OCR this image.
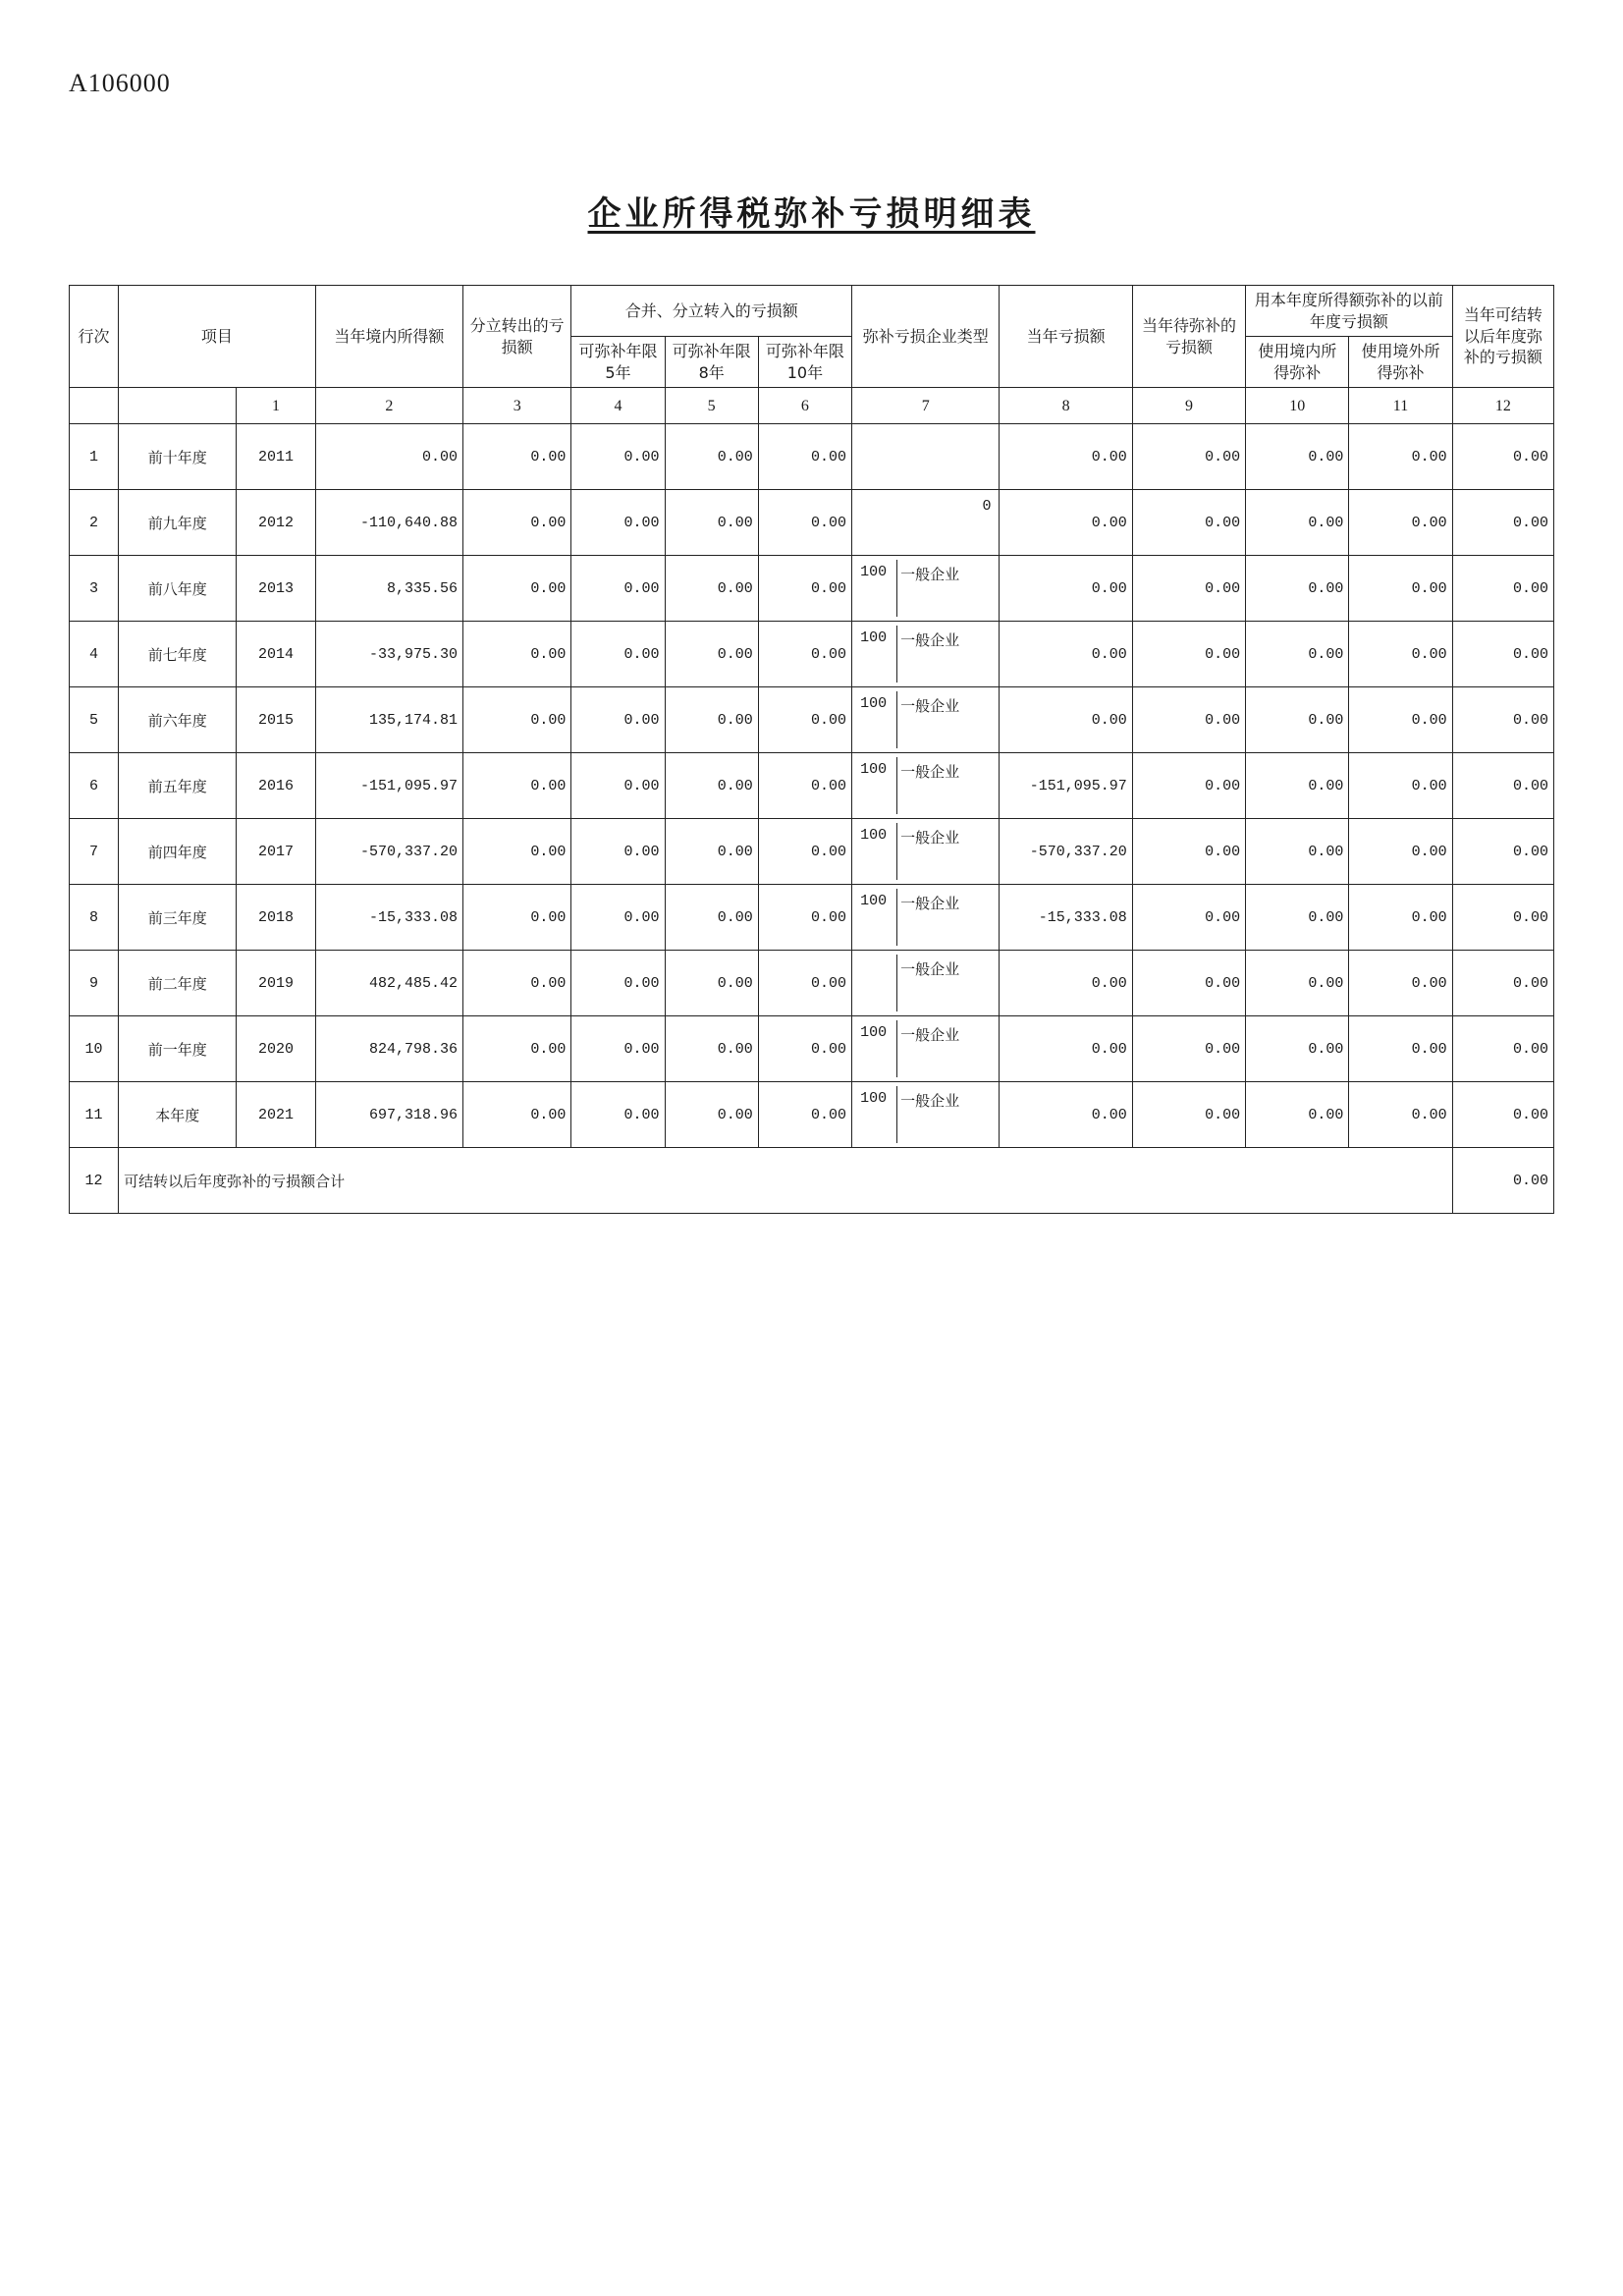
A106000
企业所得税弥补亏损明细表
行次	项目		当年境内所得额	分立转出的亏损额	合并、分立转入的亏损额			弥补亏损企业类型	当年亏损额	当年待弥补的亏损额	用本年度所得额弥补的以前年度亏损额		当年可结转以后年度弥补的亏损额
					可弥补年限5年	可弥补年限8年	可弥补年限10年				使用境内所得弥补	使用境外所得弥补	

		1	2	3	4	5	6	7	8	9	10	11	12
1	前十年度	2011	0.00	0.00	0.00	0.00	0.00		0.00	0.00	0.00	0.00	0.00
2	前九年度	2012	-110,640.88	0.00	0.00	0.00	0.00	0	0.00	0.00	0.00	0.00	0.00
3	前八年度	2013	8,335.56	0.00	0.00	0.00	0.00	100 一般企业	0.00	0.00	0.00	0.00	0.00
4	前七年度	2014	-33,975.30	0.00	0.00	0.00	0.00	100 一般企业	0.00	0.00	0.00	0.00	0.00
5	前六年度	2015	135,174.81	0.00	0.00	0.00	0.00	100 一般企业	0.00	0.00	0.00	0.00	0.00
6	前五年度	2016	-151,095.97	0.00	0.00	0.00	0.00	100 一般企业	-151,095.97	0.00	0.00	0.00	0.00
7	前四年度	2017	-570,337.20	0.00	0.00	0.00	0.00	100 一般企业	-570,337.20	0.00	0.00	0.00	0.00
8	前三年度	2018	-15,333.08	0.00	0.00	0.00	0.00	100 一般企业	-15,333.08	0.00	0.00	0.00	0.00
9	前二年度	2019	482,485.42	0.00	0.00	0.00	0.00	一般企业	0.00	0.00	0.00	0.00	0.00
10	前一年度	2020	824,798.36	0.00	0.00	0.00	0.00	100 一般企业	0.00	0.00	0.00	0.00	0.00
11	本年度	2021	697,318.96	0.00	0.00	0.00	0.00	100 一般企业	0.00	0.00	0.00	0.00	0.00
12	可结转以后年度弥补的亏损额合计												0.00
